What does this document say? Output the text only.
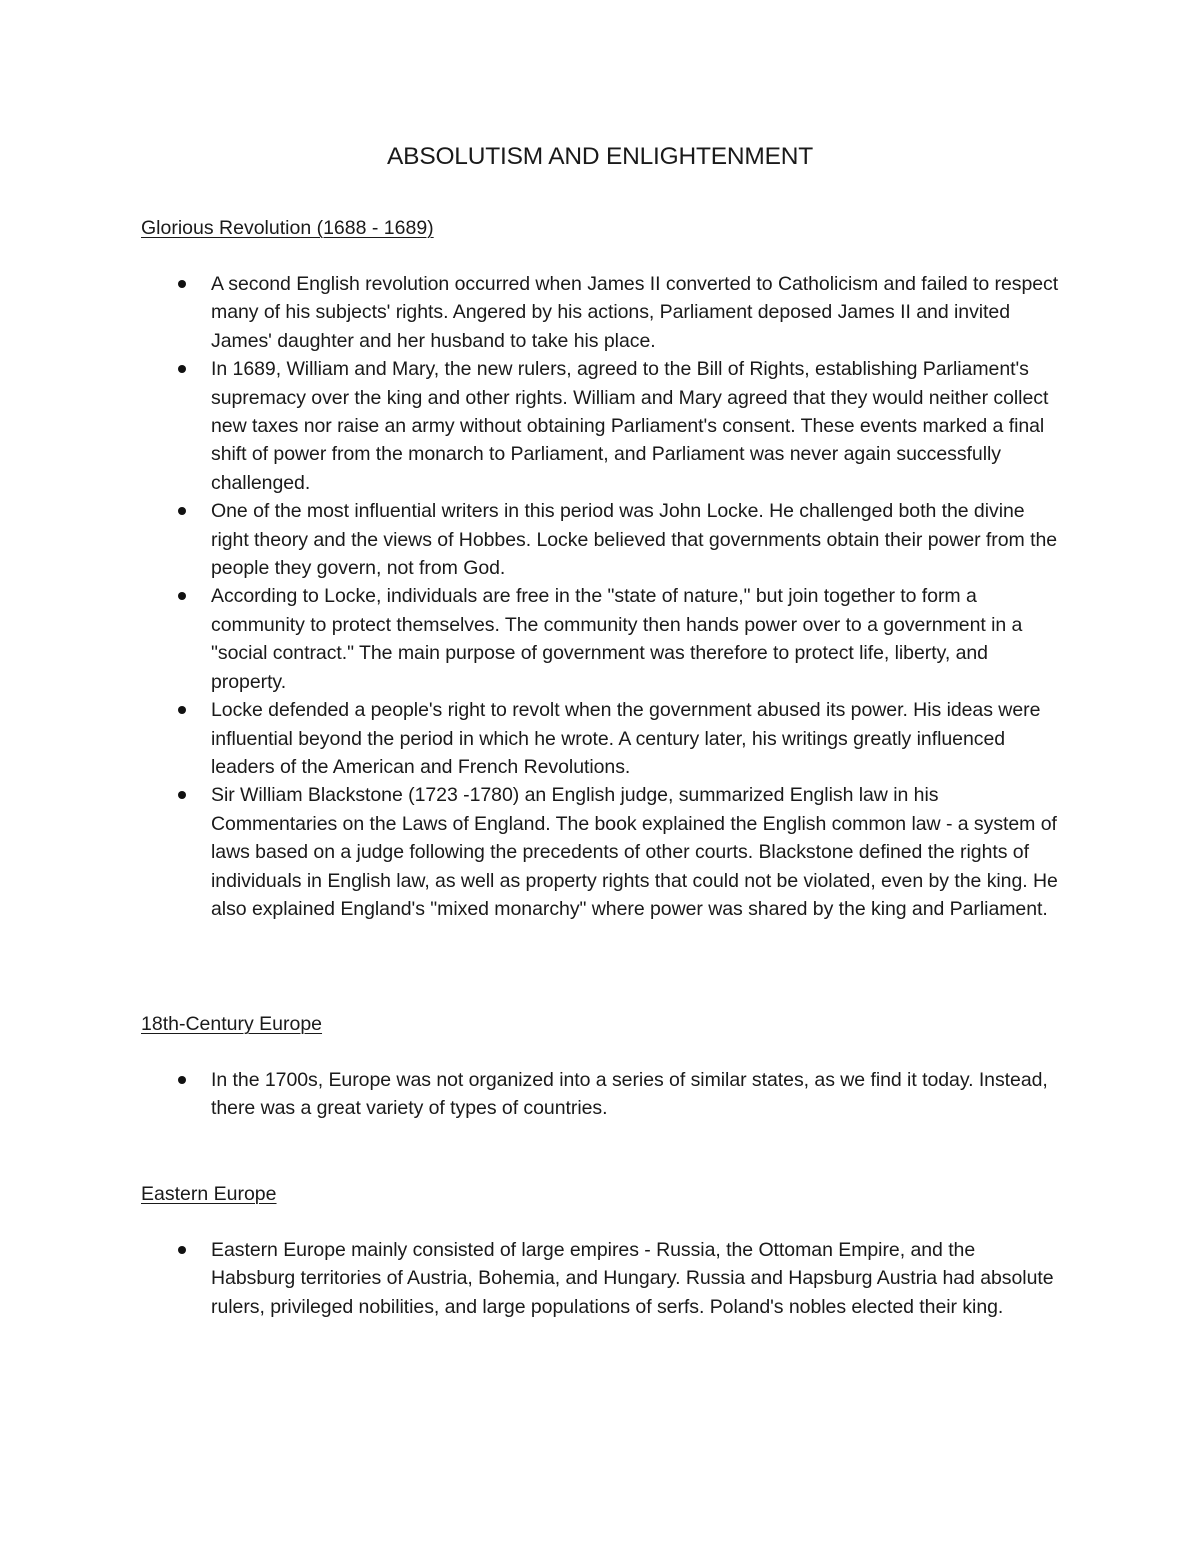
ABSOLUTISM AND ENLIGHTENMENT
Glorious Revolution (1688 - 1689)
A second English revolution occurred when James II converted to Catholicism and failed to respect many of his subjects' rights. Angered by his actions, Parliament deposed James II and invited James' daughter and her husband to take his place.
In 1689, William and Mary, the new rulers, agreed to the Bill of Rights, establishing Parliament's supremacy over the king and other rights. William and Mary agreed that they would neither collect new taxes nor raise an army without obtaining Parliament's consent. These events marked a final shift of power from the monarch to Parliament, and Parliament was never again successfully challenged.
One of the most influential writers in this period was John Locke. He challenged both the divine right theory and the views of Hobbes. Locke believed that governments obtain their power from the people they govern, not from God.
According to Locke, individuals are free in the "state of nature," but join together to form a community to protect themselves. The community then hands power over to a government in a "social contract." The main purpose of government was therefore to protect life, liberty, and property.
Locke defended a people's right to revolt when the government abused its power. His ideas were influential beyond the period in which he wrote. A century later, his writings greatly influenced leaders of the American and French Revolutions.
Sir William Blackstone (1723 -1780) an English judge, summarized English law in his Commentaries on the Laws of England. The book explained the English common law - a system of laws based on a judge following the precedents of other courts. Blackstone defined the rights of individuals in English law, as well as property rights that could not be violated, even by the king. He also explained England's "mixed monarchy" where power was shared by the king and Parliament.
18th-Century Europe
In the 1700s, Europe was not organized into a series of similar states, as we find it today. Instead, there was a great variety of types of countries.
Eastern Europe
Eastern Europe mainly consisted of large empires - Russia, the Ottoman Empire, and the Habsburg territories of Austria, Bohemia, and Hungary. Russia and Hapsburg Austria had absolute rulers, privileged nobilities, and large populations of serfs. Poland's nobles elected their king.
